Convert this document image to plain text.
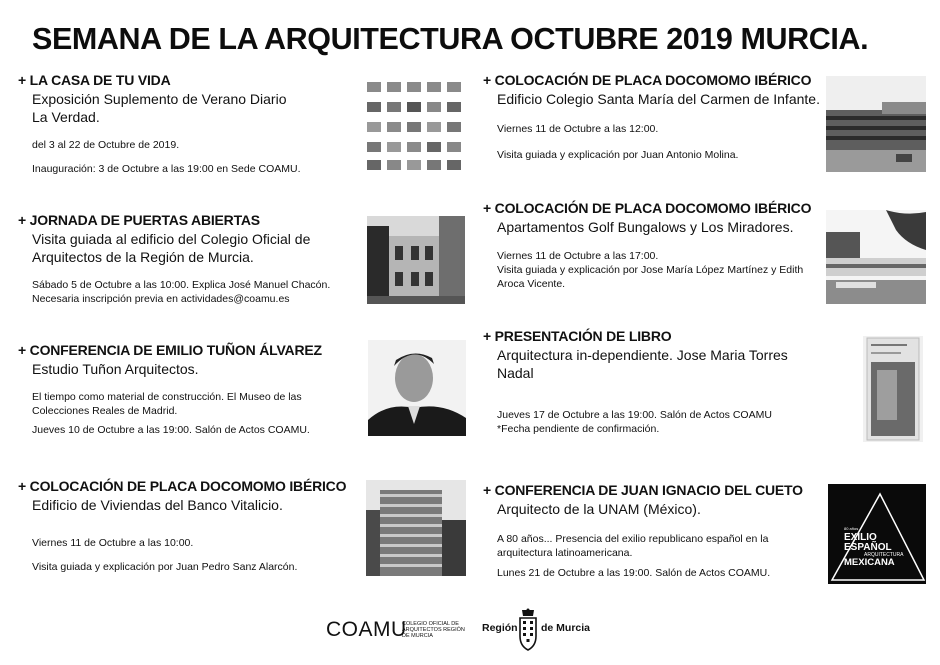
SEMANA DE LA ARQUITECTURA OCTUBRE 2019 MURCIA.
+ LA CASA DE TU VIDA
Exposición Suplemento de Verano Diario La Verdad.
del 3 al 22 de Octubre de 2019.
Inauguración: 3 de Octubre a las 19:00 en Sede COAMU.
+ JORNADA DE PUERTAS ABIERTAS
Visita guiada al edificio del Colegio Oficial de Arquitectos de la Región de Murcia.
Sábado 5 de Octubre a las 10:00. Explica José Manuel Chacón.
Necesaria inscripción previa en actividades@coamu.es
+ CONFERENCIA DE EMILIO TUÑON ÁLVAREZ
Estudio Tuñon Arquitectos.
El tiempo como material de construcción. El Museo de las Colecciones Reales de Madrid.
Jueves 10 de Octubre a las 19:00. Salón de Actos COAMU.
+ COLOCACIÓN DE PLACA DOCOMOMO IBÉRICO
Edificio de Viviendas del Banco Vitalicio.
Viernes 11 de Octubre a las 10:00.
Visita guiada y explicación por Juan Pedro Sanz Alarcón.
+ COLOCACIÓN DE PLACA DOCOMOMO IBÉRICO
Edificio Colegio Santa María del Carmen de Infante.
Viernes 11 de Octubre a las 12:00.
Visita guiada y explicación por Juan Antonio Molina.
+ COLOCACIÓN DE PLACA DOCOMOMO IBÉRICO
Apartamentos Golf Bungalows y Los Miradores.
Viernes 11 de Octubre a las 17:00.
Visita guiada y explicación por Jose María López Martínez y Edith Aroca Vicente.
+ PRESENTACIÓN DE LIBRO
Arquitectura in-dependiente. Jose Maria Torres Nadal
Jueves 17 de Octubre a las 19:00. Salón de Actos COAMU
*Fecha pendiente de confirmación.
+ CONFERENCIA DE JUAN IGNACIO DEL CUETO
Arquitecto de la UNAM (México).
A 80 años... Presencia del exilio republicano español en la arquitectura latinoamericana.
Lunes 21 de Octubre a las 19:00. Salón de Actos COAMU.
80 años
EXILIO
ESPAÑOL
ARQUITECTURA
MEXICANA
COAMU
COLEGIO OFICIAL DE ARQUITECTOS REGIÓN DE MURCIA
Región de Murcia
